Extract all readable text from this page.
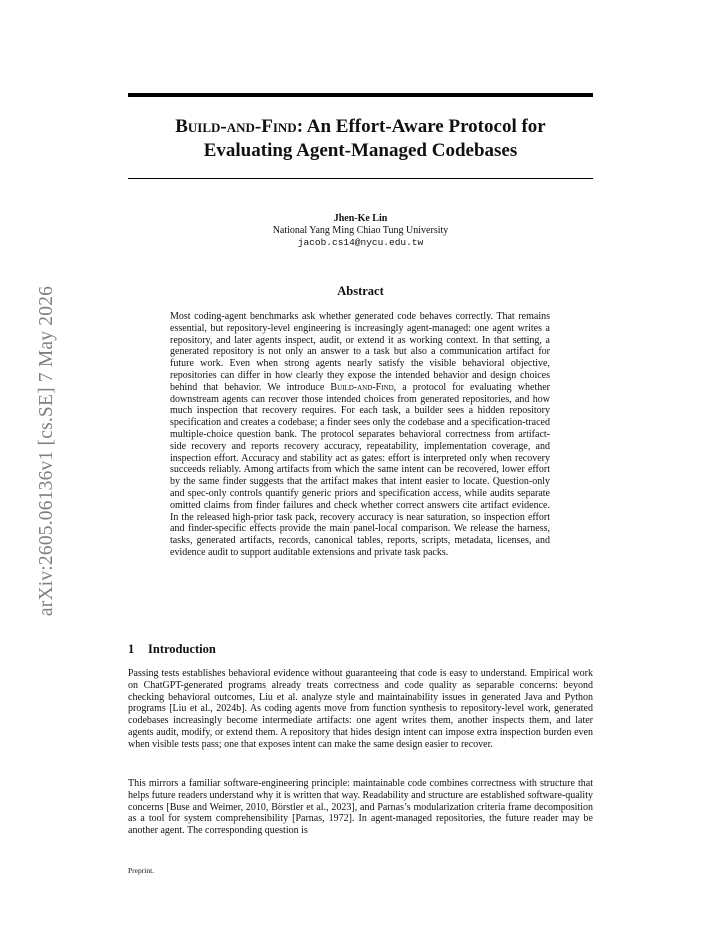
Build-and-Find: An Effort-Aware Protocol for
Evaluating Agent-Managed Codebases
Jhen-Ke Lin
National Yang Ming Chiao Tung University
jacob.cs14@nycu.edu.tw
Abstract
Most coding-agent benchmarks ask whether generated code behaves correctly. That remains essential, but repository-level engineering is increasingly agent-managed: one agent writes a repository, and later agents inspect, audit, or extend it as working context. In that setting, a generated repository is not only an answer to a task but also a communication artifact for future work. Even when strong agents nearly satisfy the visible behavioral objective, repositories can differ in how clearly they expose the intended behavior and design choices behind that behavior. We introduce Build-and-Find, a protocol for evaluating whether downstream agents can recover those intended choices from generated repositories, and how much inspection that recovery requires. For each task, a builder sees a hidden repository specification and creates a codebase; a finder sees only the codebase and a specification-traced multiple-choice question bank. The protocol separates behavioral correctness from artifact-side recovery and reports recovery accuracy, repeatability, implementation coverage, and inspection effort. Accuracy and stability act as gates: effort is interpreted only when recovery succeeds reliably. Among artifacts from which the same intent can be recovered, lower effort by the same finder suggests that the artifact makes that intent easier to locate. Question-only and spec-only controls quantify generic priors and specification access, while audits separate omitted claims from finder failures and check whether correct answers cite artifact evidence. In the released high-prior task pack, recovery accuracy is near saturation, so inspection effort and finder-specific effects provide the main panel-local comparison. We release the harness, tasks, generated artifacts, records, canonical tables, reports, scripts, metadata, licenses, and evidence audit to support auditable extensions and private task packs.
1 Introduction
Passing tests establishes behavioral evidence without guaranteeing that code is easy to understand. Empirical work on ChatGPT-generated programs already treats correctness and code quality as separable concerns: beyond checking behavioral outcomes, Liu et al. analyze style and maintainability issues in generated Java and Python programs [Liu et al., 2024b]. As coding agents move from function synthesis to repository-level work, generated codebases increasingly become intermediate artifacts: one agent writes them, another inspects them, and later agents audit, modify, or extend them. A repository that hides design intent can impose extra inspection burden even when visible tests pass; one that exposes intent can make the same design easier to recover.
This mirrors a familiar software-engineering principle: maintainable code combines correctness with structure that helps future readers understand why it is written that way. Readability and structure are established software-quality concerns [Buse and Weimer, 2010, Börstler et al., 2023], and Parnas’s modularization criteria frame decomposition as a tool for system comprehensibility [Parnas, 1972]. In agent-managed repositories, the future reader may be another agent. The corresponding question is
Preprint.
arXiv:2605.06136v1 [cs.SE] 7 May 2026
